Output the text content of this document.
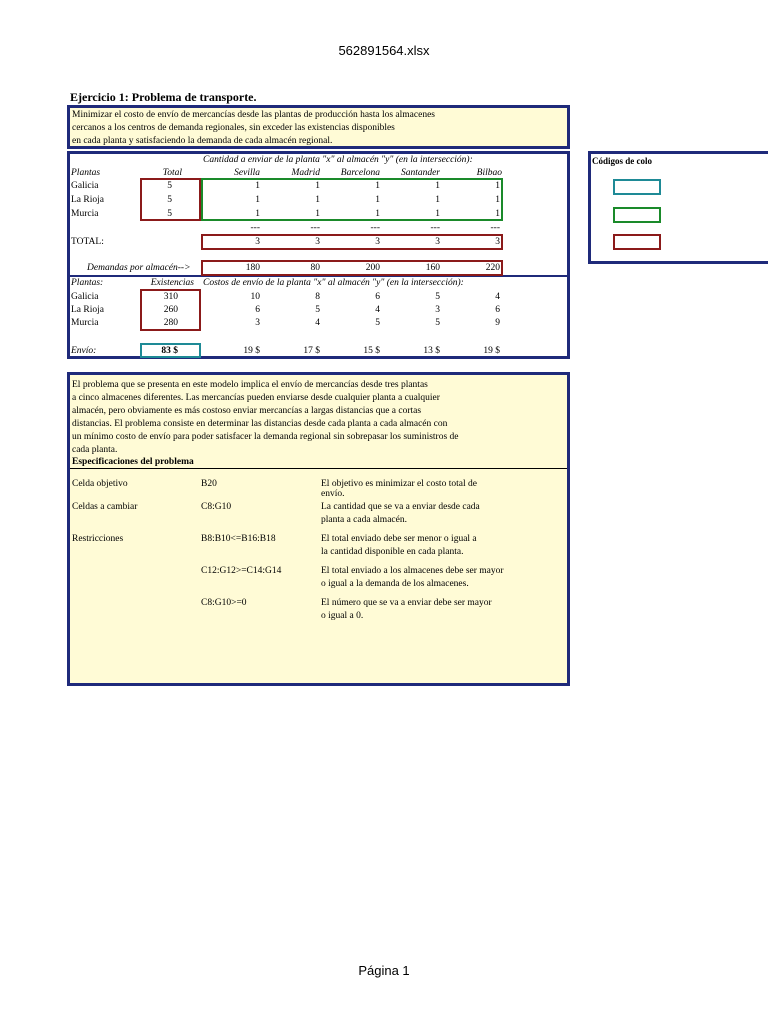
562891564.xlsx
Página 1
Ejercicio 1: Problema de transporte.
Minimizar el costo de envío de mercancías desde las plantas de producción hasta los almacenes
cercanos a los centros de demanda regionales, sin exceder las existencias disponibles
en cada planta y satisfaciendo la demanda de cada almacén regional.
Cantidad a enviar de la planta "x" al almacén "y" (en la intersección):
Plantas	Total	Sevilla	Madrid	Barcelona	Santander	Bilbao
Galicia	5	1	1	1	1	1
La Rioja	5	1	1	1	1	1
Murcia	5	1	1	1	1	1
---	---	---	---	---
TOTAL:	3	3	3	3	3
Demandas por almacén-->	180	80	200	160	220
Plantas:	Existencias Costos de envío de la planta "x" al almacén "y" (en la intersección):
Galicia	310	10	8	6	5	4
La Rioja	260	6	5	4	3	6
Murcia	280	3	4	5	5	9
Envío:	83 $	19 $	17 $	15 $	13 $	19 $
Códigos de colo
El problema que se presenta en este modelo implica el envío de mercancías desde tres plantas
a cinco almacenes diferentes. Las mercancías pueden enviarse desde cualquier planta a cualquier
almacén, pero obviamente es más costoso enviar mercancías a largas distancias que a cortas
distancias. El problema consiste en determinar las distancias desde cada planta a cada almacén con
un mínimo costo de envío para poder satisfacer la demanda regional sin sobrepasar los suministros de
cada planta.
Especificaciones del problema
Celda objetivo	B20	El objetivo es minimizar el costo total de
envío.
Celdas a cambiar	C8:G10	La cantidad que se va a enviar desde cada
planta a cada almacén.
Restricciones	B8:B10<=B16:B18	El total enviado debe ser menor o igual a
la cantidad disponible en cada planta.
C12:G12>=C14:G14	El total enviado a los almacenes debe ser mayor
o igual a la demanda de los almacenes.
C8:G10>=0	El número que se va a enviar debe ser mayor
o igual a 0.
